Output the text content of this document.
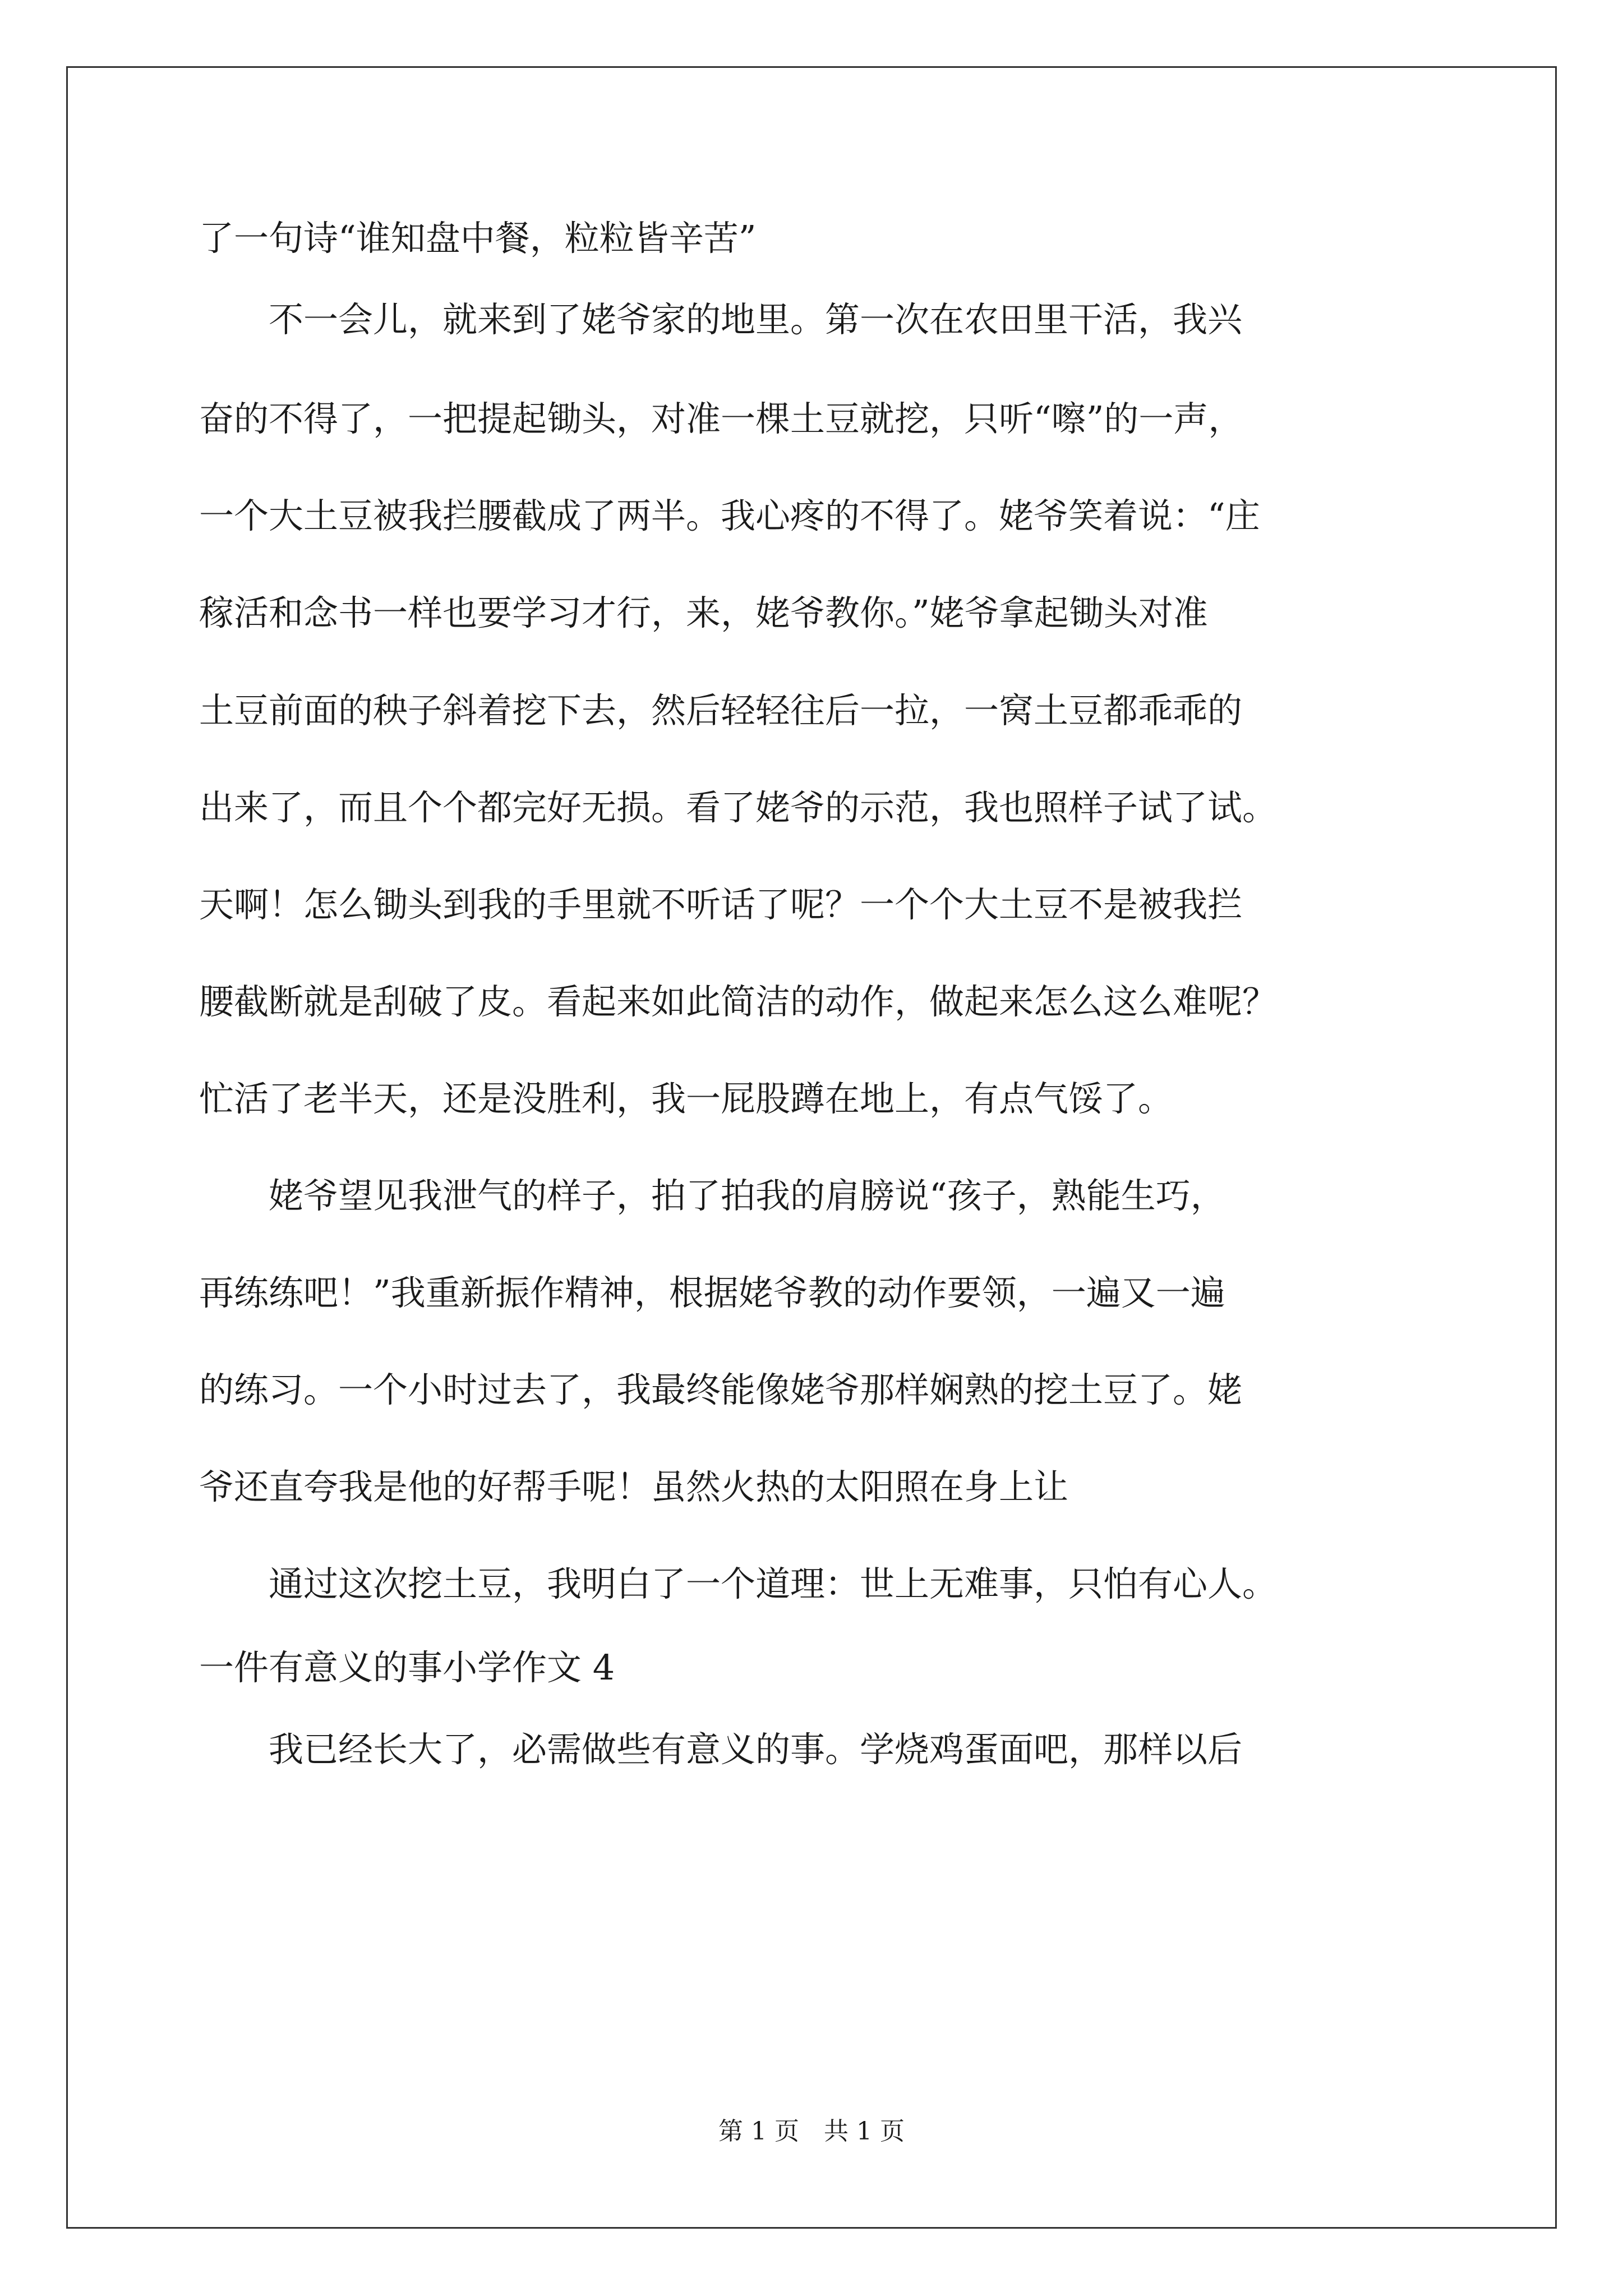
了一句诗“谁知盘中餐，粒粒皆辛苦”
　　不一会儿，就来到了姥爷家的地里。第一次在农田里干活，我兴
奋的不得了，一把提起锄头，对准一棵土豆就挖，只听“嚓”的一声，
一个大土豆被我拦腰截成了两半。我心疼的不得了。姥爷笑着说：“庄
稼活和念书一样也要学习才行，来，姥爷教你。”姥爷拿起锄头对准
土豆前面的秧子斜着挖下去，然后轻轻往后一拉，一窝土豆都乖乖的
出来了，而且个个都完好无损。看了姥爷的示范，我也照样子试了试。
天啊！怎么锄头到我的手里就不听话了呢？一个个大土豆不是被我拦
腰截断就是刮破了皮。看起来如此简洁的动作，做起来怎么这么难呢？
忙活了老半天，还是没胜利，我一屁股蹲在地上，有点气馁了。
　　姥爷望见我泄气的样子，拍了拍我的肩膀说“孩子，熟能生巧，
再练练吧！”我重新振作精神，根据姥爷教的动作要领，一遍又一遍
的练习。一个小时过去了，我最终能像姥爷那样娴熟的挖土豆了。姥
爷还直夸我是他的好帮手呢！虽然火热的太阳照在身上让
　　通过这次挖土豆，我明白了一个道理：世上无难事，只怕有心人。
一件有意义的事小学作文 4
　　我已经长大了，必需做些有意义的事。学烧鸡蛋面吧，那样以后
第 1 页　共 1 页
